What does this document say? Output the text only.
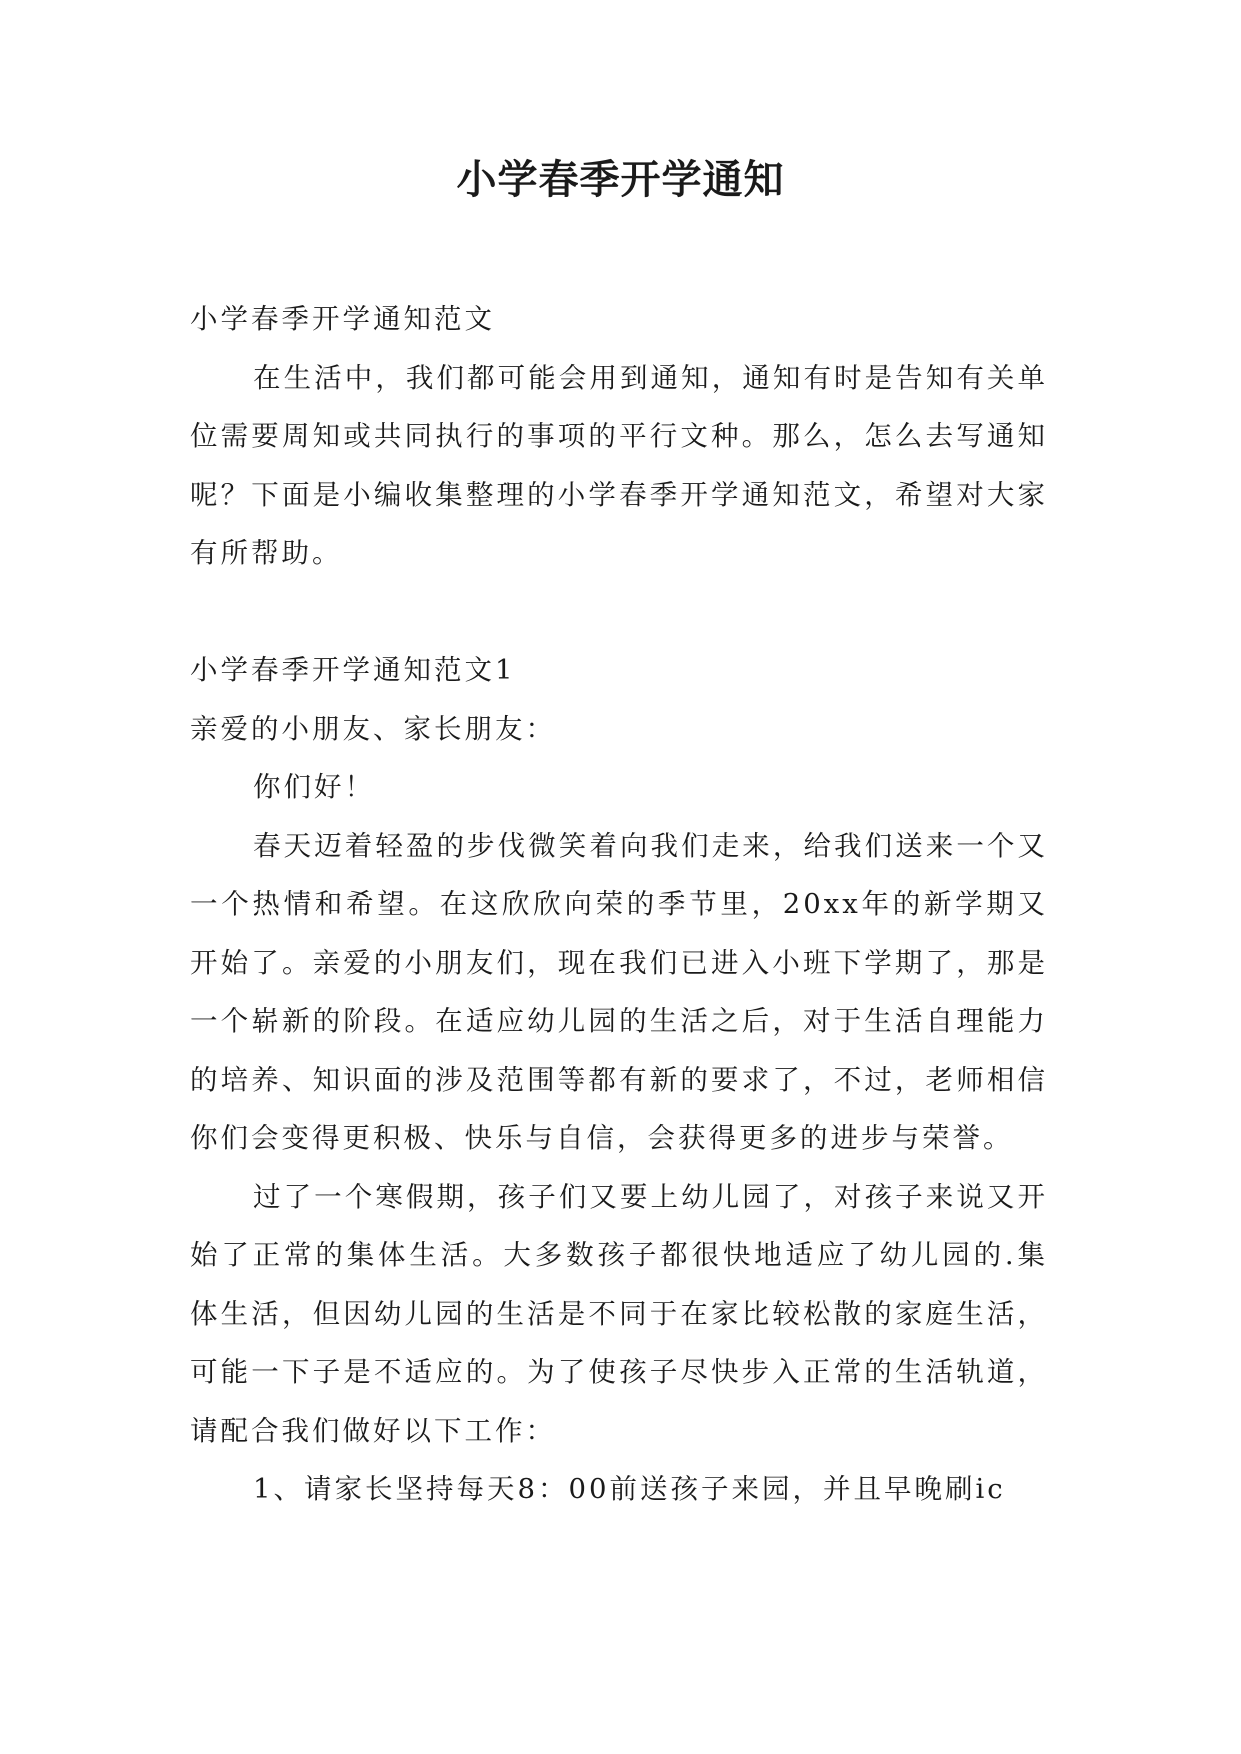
小学春季开学通知

小学春季开学通知范文

在生活中，我们都可能会用到通知，通知有时是告知有关单位需要周知或共同执行的事项的平行文种。那么，怎么去写通知呢？下面是小编收集整理的小学春季开学通知范文，希望对大家有所帮助。

小学春季开学通知范文1

亲爱的小朋友、家长朋友：

你们好！

春天迈着轻盈的步伐微笑着向我们走来，给我们送来一个又一个热情和希望。在这欣欣向荣的季节里，20xx年的新学期又开始了。亲爱的小朋友们，现在我们已进入小班下学期了，那是一个崭新的阶段。在适应幼儿园的生活之后，对于生活自理能力的培养、知识面的涉及范围等都有新的要求了，不过，老师相信你们会变得更积极、快乐与自信，会获得更多的进步与荣誉。

过了一个寒假期，孩子们又要上幼儿园了，对孩子来说又开始了正常的集体生活。大多数孩子都很快地适应了幼儿园的.集体生活，但因幼儿园的生活是不同于在家比较松散的家庭生活，可能一下子是不适应的。为了使孩子尽快步入正常的生活轨道，请配合我们做好以下工作：

1、请家长坚持每天8：00前送孩子来园，并且早晚刷ic
